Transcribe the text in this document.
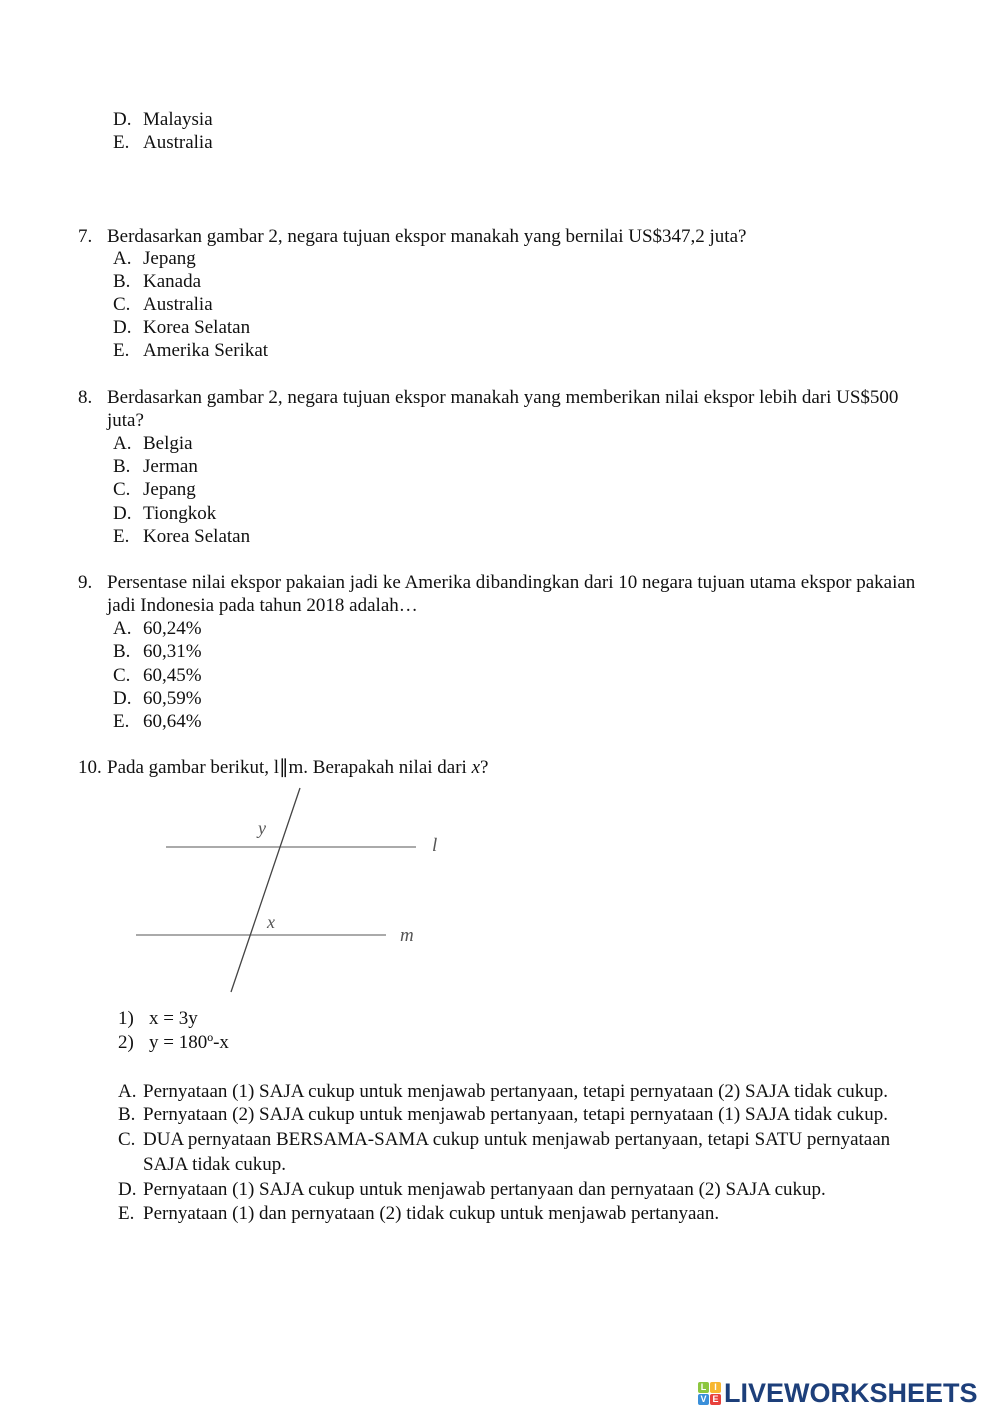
D. Malaysia
E. Australia
7. Berdasarkan gambar 2, negara tujuan ekspor manakah yang bernilai US$347,2 juta?
A. Jepang
B. Kanada
C. Australia
D. Korea Selatan
E. Amerika Serikat
8. Berdasarkan gambar 2, negara tujuan ekspor manakah yang memberikan nilai ekspor lebih dari US$500
juta?
A. Belgia
B. Jerman
C. Jepang
D. Tiongkok
E. Korea Selatan
9. Persentase nilai ekspor pakaian jadi ke Amerika dibandingkan dari 10 negara tujuan utama ekspor pakaian
jadi Indonesia pada tahun 2018 adalah…
A. 60,24%
B. 60,31%
C. 60,45%
D. 60,59%
E. 60,64%
10. Pada gambar berikut, l∥m. Berapakah nilai dari x?
y
x
l
m
1) x = 3y
2) y = 180º-x
A. Pernyataan (1) SAJA cukup untuk menjawab pertanyaan, tetapi pernyataan (2) SAJA tidak cukup.
B. Pernyataan (2) SAJA cukup untuk menjawab pertanyaan, tetapi pernyataan (1) SAJA tidak cukup.
C. DUA pernyataan BERSAMA-SAMA cukup untuk menjawab pertanyaan, tetapi SATU pernyataan
SAJA tidak cukup.
D. Pernyataan (1) SAJA cukup untuk menjawab pertanyaan dan pernyataan (2) SAJA cukup.
E. Pernyataan (1) dan pernyataan (2) tidak cukup untuk menjawab pertanyaan.
L I
V E LIVEWORKSHEETS
